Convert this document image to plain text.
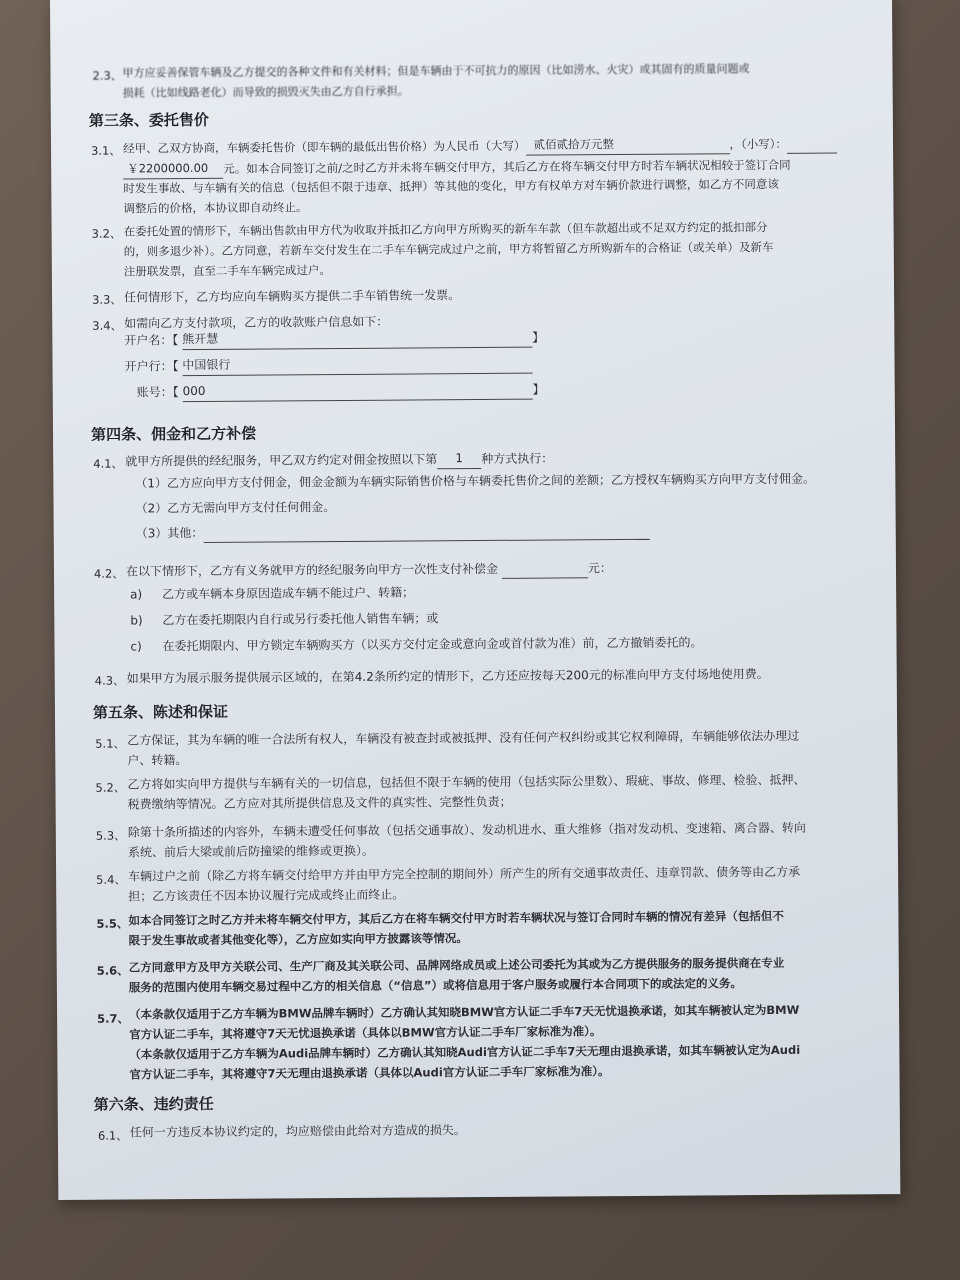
2.3、 甲方应妥善保管车辆及乙方提交的各种文件和有关材料；但是车辆由于不可抗力的原因（比如涝水、火灾）或其固有的质量问题或
损耗（比如线路老化）而导致的损毁灭失由乙方自行承担。
第三条、委托售价
3.1、 经甲、乙双方协商，车辆委托售价（即车辆的最低出售价格）为人民币（大写） 贰佰贰拾万元整	，（小写）：
￥2200000.00 元。如本合同签订之前/之时乙方并未将车辆交付甲方，其后乙方在将车辆交付甲方时若车辆状况相较于签订合同
时发生事故、与车辆有关的信息（包括但不限于违章、抵押）等其他的变化，甲方有权单方对车辆价款进行调整，如乙方不同意该
调整后的价格，本协议即自动终止。
3.2、 在委托处置的情形下，车辆出售款由甲方代为收取并抵扣乙方向甲方所购买的新车车款（但车款超出或不足双方约定的抵扣部分
的，则多退少补）。乙方同意，若新车交付发生在二手车车辆完成过户之前，甲方将暂留乙方所购新车的合格证（或关单）及新车
注册联发票，直至二手车车辆完成过户。
3.3、 任何情形下，乙方均应向车辆购买方提供二手车销售统一发票。
3.4、 如需向乙方支付款项，乙方的收款账户信息如下：
开户名：【 熊开慧	】
开户行：【 中国银行
账号：【 000	】
第四条、佣金和乙方补偿
4.1、 就甲方所提供的经纪服务，甲乙双方约定对佣金按照以下第 1 种方式执行：
（1）乙方应向甲方支付佣金，佣金金额为车辆实际销售价格与车辆委托售价之间的差额；乙方授权车辆购买方向甲方支付佣金。
（2）乙方无需向甲方支付任何佣金。
（3）其他：
4.2、 在以下情形下，乙方有义务就甲方的经纪服务向甲方一次性支付补偿金	元：
a) 乙方或车辆本身原因造成车辆不能过户、转籍；
b) 乙方在委托期限内自行或另行委托他人销售车辆；或
c) 在委托期限内、甲方锁定车辆购买方（以买方交付定金或意向金或首付款为准）前，乙方撤销委托的。
4.3、 如果甲方为展示服务提供展示区域的，在第4.2条所约定的情形下，乙方还应按每天200元的标准向甲方支付场地使用费。
第五条、陈述和保证
5.1、 乙方保证，其为车辆的唯一合法所有权人，车辆没有被查封或被抵押、没有任何产权纠纷或其它权利障碍，车辆能够依法办理过
户、转籍。
5.2、 乙方将如实向甲方提供与车辆有关的一切信息，包括但不限于车辆的使用（包括实际公里数）、瑕疵、事故、修理、检验、抵押、
税费缴纳等情况。乙方应对其所提供信息及文件的真实性、完整性负责；
5.3、 除第十条所描述的内容外，车辆未遭受任何事故（包括交通事故）、发动机进水、重大维修（指对发动机、变速箱、离合器、转向
系统、前后大梁或前后防撞梁的维修或更换）。
5.4、 车辆过户之前（除乙方将车辆交付给甲方并由甲方完全控制的期间外）所产生的所有交通事故责任、违章罚款、债务等由乙方承
担；乙方该责任不因本协议履行完成或终止而终止。
5.5、 如本合同签订之时乙方并未将车辆交付甲方，其后乙方在将车辆交付甲方时若车辆状况与签订合同时车辆的情况有差异（包括但不
限于发生事故或者其他变化等），乙方应如实向甲方披露该等情况。
5.6、 乙方同意甲方及甲方关联公司、生产厂商及其关联公司、品牌网络成员或上述公司委托为其或为乙方提供服务的服务提供商在专业
服务的范围内使用车辆交易过程中乙方的相关信息（“信息”）或将信息用于客户服务或履行本合同项下的或法定的义务。
5.7、 （本条款仅适用于乙方车辆为BMW品牌车辆时）乙方确认其知晓BMW官方认证二手车7天无忧退换承诺，如其车辆被认定为BMW
官方认证二手车，其将遵守7天无忧退换承诺（具体以BMW官方认证二手车厂家标准为准）。
（本条款仅适用于乙方车辆为Audi品牌车辆时）乙方确认其知晓Audi官方认证二手车7天无理由退换承诺，如其车辆被认定为Audi
官方认证二手车，其将遵守7天无理由退换承诺（具体以Audi官方认证二手车厂家标准为准）。
第六条、违约责任
6.1、 任何一方违反本协议约定的，均应赔偿由此给对方造成的损失。
